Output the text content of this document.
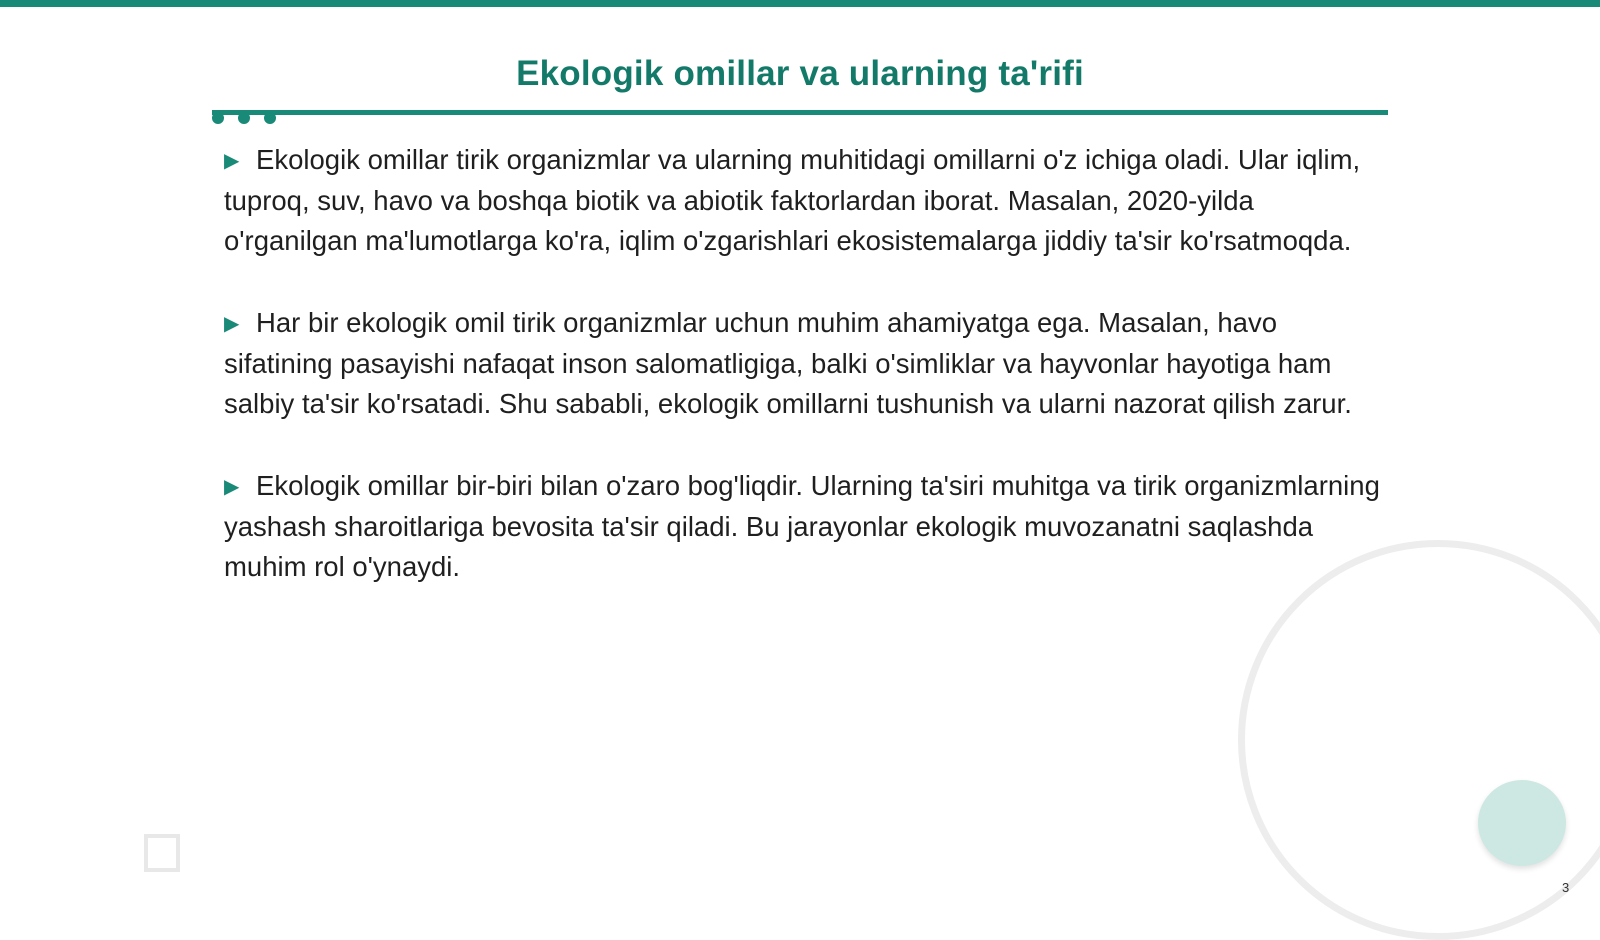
Ekologik omillar va ularning ta'rifi

▶ Ekologik omillar tirik organizmlar va ularning muhitidagi omillarni o'z ichiga oladi. Ular iqlim, tuproq, suv, havo va boshqa biotik va abiotik faktorlardan iborat. Masalan, 2020-yilda o'rganilgan ma'lumotlarga ko'ra, iqlim o'zgarishlari ekosistemalarga jiddiy ta'sir ko'rsatmoqda.

▶ Har bir ekologik omil tirik organizmlar uchun muhim ahamiyatga ega. Masalan, havo sifatining pasayishi nafaqat inson salomatligiga, balki o'simliklar va hayvonlar hayotiga ham salbiy ta'sir ko'rsatadi. Shu sababli, ekologik omillarni tushunish va ularni nazorat qilish zarur.

▶ Ekologik omillar bir-biri bilan o'zaro bog'liqdir. Ularning ta'siri muhitga va tirik organizmlarning yashash sharoitlariga bevosita ta'sir qiladi. Bu jarayonlar ekologik muvozanatni saqlashda muhim rol o'ynaydi.

3
